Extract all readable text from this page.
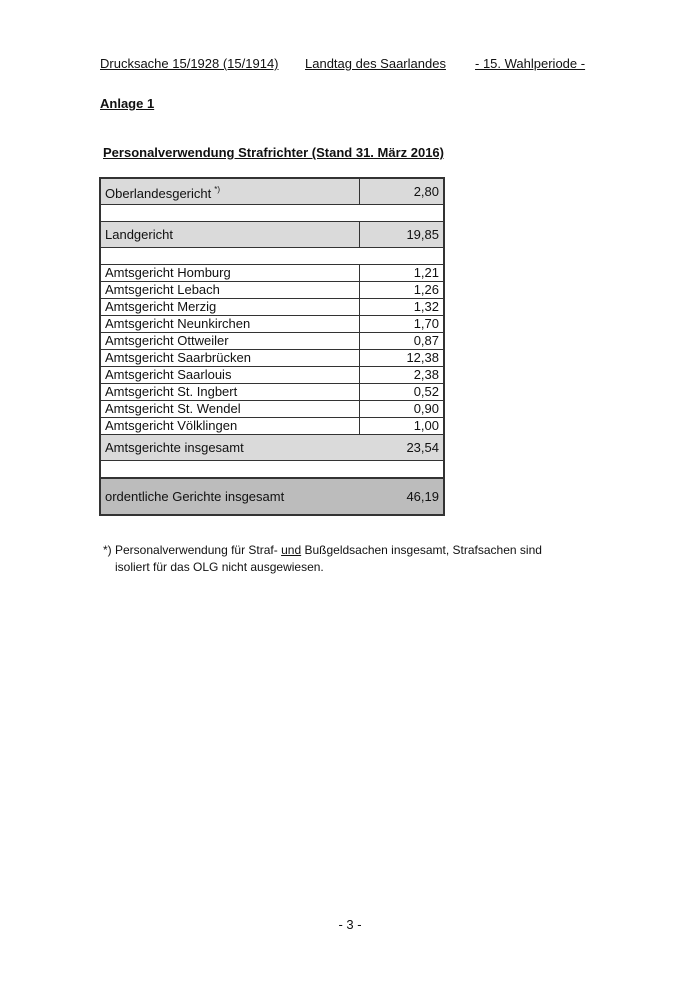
Drucksache 15/1928 (15/1914) Landtag des Saarlandes - 15. Wahlperiode -
Anlage 1
Personalverwendung Strafrichter (Stand 31. März 2016)
Oberlandesgericht *)	2,80

Landgericht	19,85

Amtsgericht Homburg	1,21
Amtsgericht Lebach	1,26
Amtsgericht Merzig	1,32
Amtsgericht Neunkirchen	1,70
Amtsgericht Ottweiler	0,87
Amtsgericht Saarbrücken	12,38
Amtsgericht Saarlouis	2,38
Amtsgericht St. Ingbert	0,52
Amtsgericht St. Wendel	0,90
Amtsgericht Völklingen	1,00
Amtsgerichte insgesamt	23,54

ordentliche Gerichte insgesamt	46,19
*) Personalverwendung für Straf- und Bußgeldsachen insgesamt, Strafsachen sind
isoliert für das OLG nicht ausgewiesen.
- 3 -
